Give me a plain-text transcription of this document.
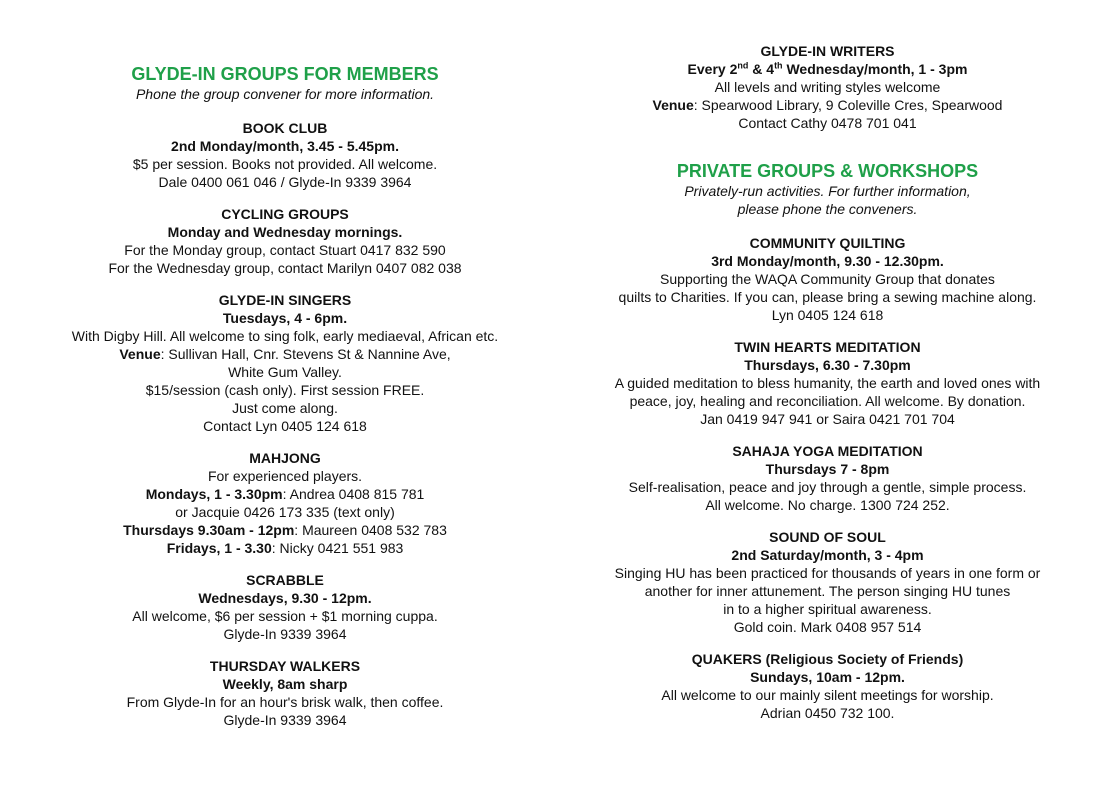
GLYDE-IN GROUPS FOR MEMBERS
Phone the group convener for more information.
BOOK CLUB
2nd Monday/month, 3.45 - 5.45pm.
$5 per session. Books not provided. All welcome.
Dale 0400 061 046 / Glyde-In 9339 3964
CYCLING GROUPS
Monday and Wednesday mornings.
For the Monday group, contact Stuart 0417 832 590
For the Wednesday group, contact Marilyn 0407 082 038
GLYDE-IN SINGERS
Tuesdays, 4 - 6pm.
With Digby Hill. All welcome to sing folk, early mediaeval, African etc.
Venue: Sullivan Hall, Cnr. Stevens St & Nannine Ave,
White Gum Valley.
$15/session (cash only). First session FREE.
Just come along.
Contact Lyn 0405 124 618
MAHJONG
For experienced players.
Mondays, 1 - 3.30pm: Andrea 0408 815 781
or Jacquie 0426 173 335 (text only)
Thursdays 9.30am - 12pm: Maureen 0408 532 783
Fridays, 1 - 3.30: Nicky 0421 551 983
SCRABBLE
Wednesdays, 9.30 - 12pm.
All welcome, $6 per session + $1 morning cuppa.
Glyde-In 9339 3964
THURSDAY WALKERS
Weekly, 8am sharp
From Glyde-In for an hour's brisk walk, then coffee.
Glyde-In 9339 3964
GLYDE-IN WRITERS
Every 2nd & 4th Wednesday/month, 1 - 3pm
All levels and writing styles welcome
Venue: Spearwood Library, 9 Coleville Cres, Spearwood
Contact Cathy 0478 701 041
PRIVATE GROUPS & WORKSHOPS
Privately-run activities. For further information,
please phone the conveners.
COMMUNITY QUILTING
3rd Monday/month, 9.30 - 12.30pm.
Supporting the WAQA Community Group that donates
quilts to Charities. If you can, please bring a sewing machine along.
Lyn 0405 124 618
TWIN HEARTS MEDITATION
Thursdays, 6.30 - 7.30pm
A guided meditation to bless humanity, the earth and loved ones with
peace, joy, healing and reconciliation. All welcome. By donation.
Jan 0419 947 941 or Saira 0421 701 704
SAHAJA YOGA MEDITATION
Thursdays 7 - 8pm
Self-realisation, peace and joy through a gentle, simple process.
All welcome. No charge. 1300 724 252.
SOUND OF SOUL
2nd Saturday/month, 3 - 4pm
Singing HU has been practiced for thousands of years in one form or
another for inner attunement. The person singing HU tunes
in to a higher spiritual awareness.
Gold coin. Mark 0408 957 514
QUAKERS (Religious Society of Friends)
Sundays, 10am - 12pm.
All welcome to our mainly silent meetings for worship.
Adrian 0450 732 100.
